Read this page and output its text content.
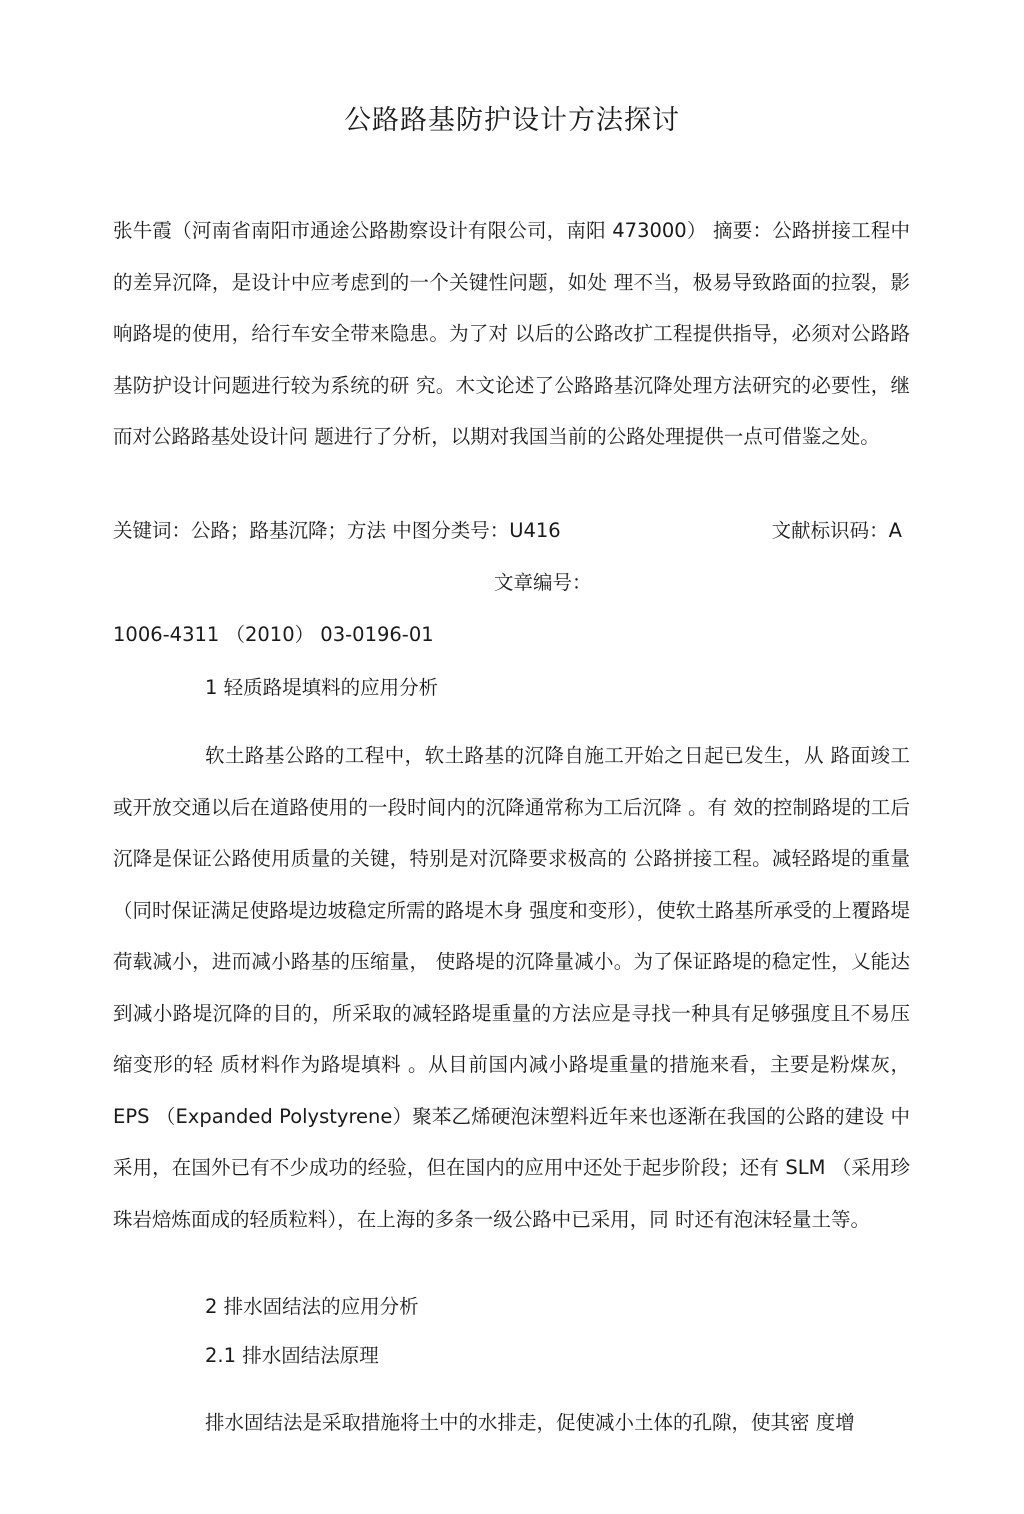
公路路基防护设计方法探讨

张牛霞（河南省南阳市通途公路勘察设计有限公司，南阳 473000） 摘要：公路拼接工程中的差异沉降，是设计中应考虑到的一个关键性问题，如处 理不当，极易导致路面的拉裂，影响路堤的使用，给行车安全带来隐患。为了对 以后的公路改扩工程提供指导，必须对公路路基防护设计问题进行较为系统的研 究。木文论述了公路路基沉降处理方法研究的必要性，继而对公路路基处设计问 题进行了分析，以期对我国当前的公路处理提供一点可借鉴之处。

关键词：公路；路基沉降；方法 中图分类号：U416	文献标识码：A
文章编号：
1006-4311 （2010） 03-0196-01
1 轻质路堤填料的应用分析

软土路基公路的工程中，软土路基的沉降自施工开始之日起已发生，从 路面竣工或开放交通以后在道路使用的一段时间内的沉降通常称为工后沉降 。有 效的控制路堤的工后沉降是保证公路使用质量的关键，特别是对沉降要求极高的 公路拼接工程。减轻路堤的重量（同时保证满足使路堤边坡稳定所需的路堤木身 强度和变形），使软土路基所承受的上覆路堤荷载减小，进而减小路基的压缩量， 使路堤的沉降量减小。为了保证路堤的稳定性，乂能达到减小路堤沉降的目的，所采取的减轻路堤重量的方法应是寻找一种具有足够强度且不易压缩变形的轻 质材料作为路堤填料 。从目前国内减小路堤重量的措施来看，主要是粉煤灰，EPS （Expanded Polystyrene）聚苯乙烯硬泡沫塑料近年来也逐渐在我国的公路的建设 中采用，在国外已有不少成功的经验，但在国内的应用中还处于起步阶段；还有 SLM （采用珍珠岩焙炼面成的轻质粒料），在上海的多条一级公路中已采用，同 时还有泡沫轻量土等。

2 排水固结法的应用分析
2.1 排水固结法原理

排水固结法是采取措施将土中的水排走，促使减小土体的孔隙，使其密 度增
